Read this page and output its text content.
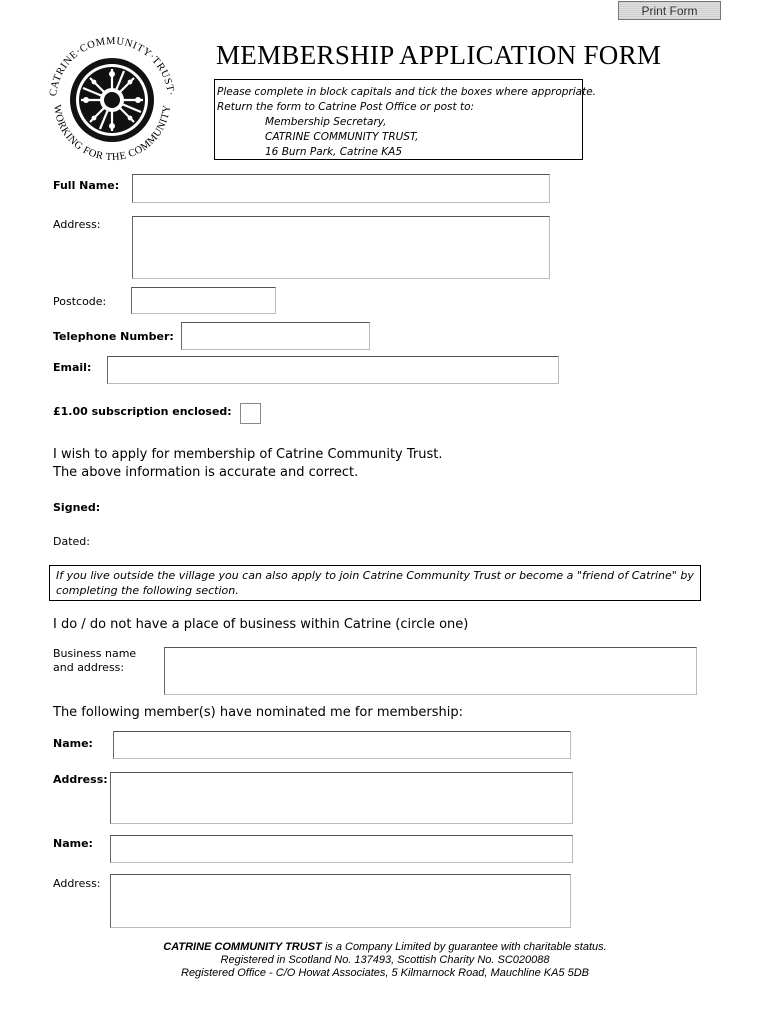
Print Form
CATRINE·COMMUNITY·TRUST·
WORKING FOR THE COMMUNITY
MEMBERSHIP APPLICATION FORM
Please complete in block capitals and tick the boxes where appropriate.
Return the form to Catrine Post Office or post to:
Membership Secretary,
CATRINE COMMUNITY TRUST,
16 Burn Park, Catrine KA5
Full Name:
Address:
Postcode:
Telephone Number:
Email:
£1.00 subscription enclosed:
I wish to apply for membership of Catrine Community Trust.
The above information is accurate and correct.
Signed:
Dated:
If you live outside the village you can also apply to join Catrine Community Trust or become a "friend of Catrine" by
completing the following section.
I do / do not have a place of business within Catrine (circle one)
Business name
and address:
The following member(s) have nominated me for membership:
Name:
Address:
Name:
Address:
CATRINE COMMUNITY TRUST is a Company Limited by guarantee with charitable status.
Registered in Scotland No. 137493, Scottish Charity No. SC020088
Registered Office - C/O Howat Associates, 5 Kilmarnock Road, Mauchline KA5 5DB
